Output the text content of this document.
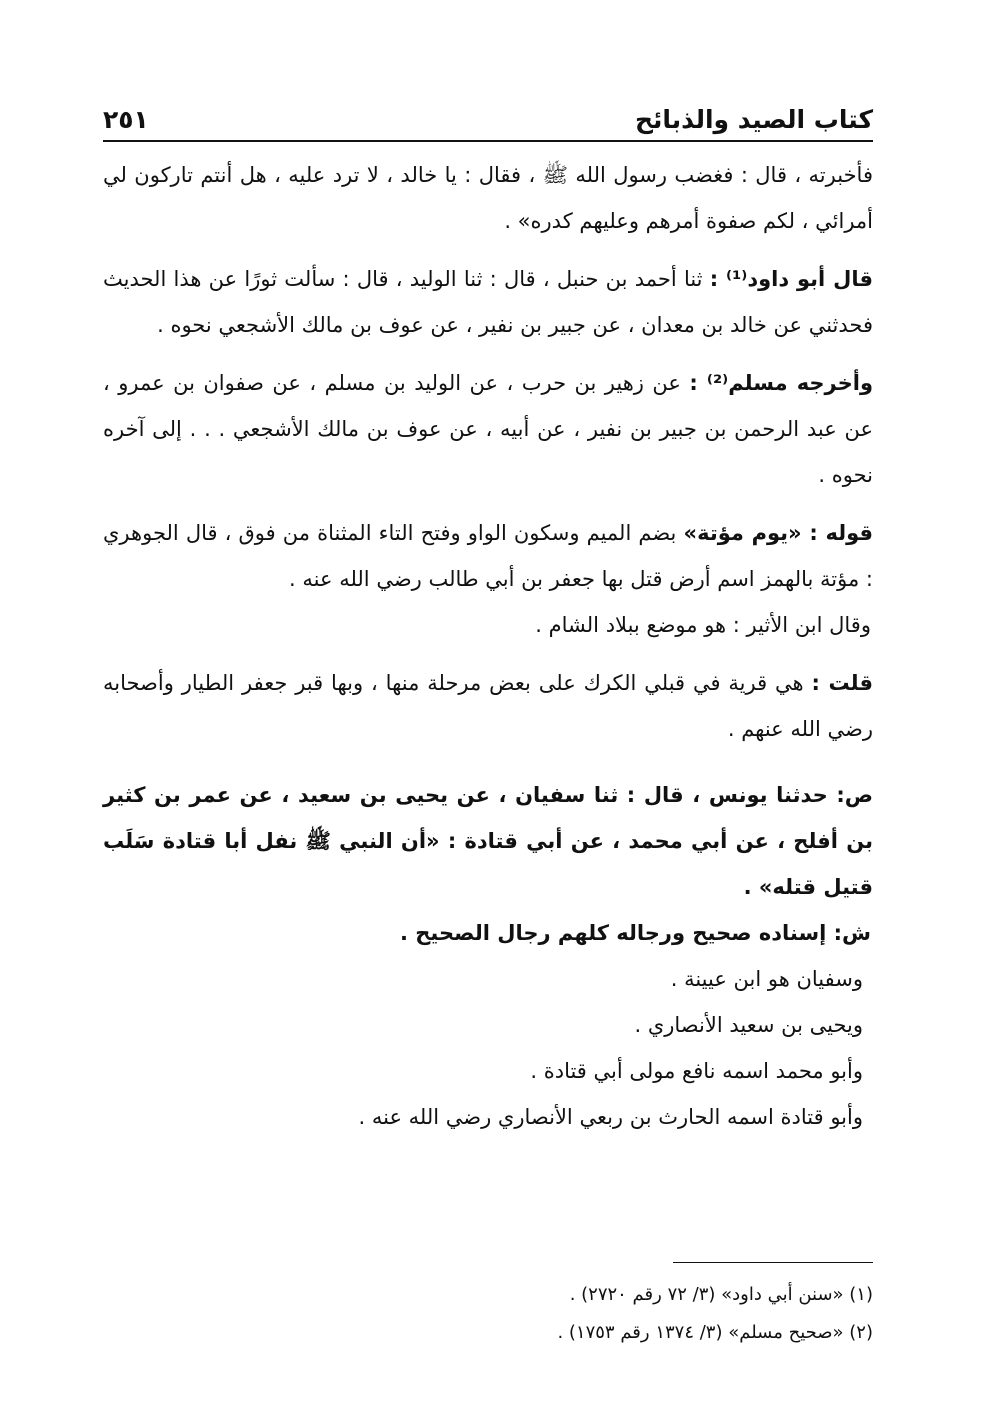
كتاب الصيد والذبائح
٢٥١

فأخبرته ، قال : فغضب رسول الله ﷺ ، فقال : يا خالد ، لا ترد عليه ، هل أنتم تاركون لي أمرائي ، لكم صفوة أمرهم وعليهم كدره» .

قال أبو داود⁽¹⁾ : ثنا أحمد بن حنبل ، قال : ثنا الوليد ، قال : سألت ثورًا عن هذا الحديث فحدثني عن خالد بن معدان ، عن جبير بن نفير ، عن عوف بن مالك الأشجعي نحوه .

وأخرجه مسلم⁽²⁾ : عن زهير بن حرب ، عن الوليد بن مسلم ، عن صفوان بن عمرو ، عن عبد الرحمن بن جبير بن نفير ، عن أبيه ، عن عوف بن مالك الأشجعي . . . إلى آخره نحوه .

قوله : «يوم مؤتة» بضم الميم وسكون الواو وفتح التاء المثناة من فوق ، قال الجوهري : مؤتة بالهمز اسم أرض قتل بها جعفر بن أبي طالب رضي الله عنه .

وقال ابن الأثير : هو موضع ببلاد الشام .

قلت : هي قرية في قبلي الكرك على بعض مرحلة منها ، وبها قبر جعفر الطيار وأصحابه رضي الله عنهم .

ص: حدثنا يونس ، قال : ثنا سفيان ، عن يحيى بن سعيد ، عن عمر بن كثير بن أفلح ، عن أبي محمد ، عن أبي قتادة : «أن النبي ﷺ نفل أبا قتادة سَلَب قتيل قتله» .

ش: إسناده صحيح ورجاله كلهم رجال الصحيح .

وسفيان هو ابن عيينة .

ويحيى بن سعيد الأنصاري .

وأبو محمد اسمه نافع مولى أبي قتادة .

وأبو قتادة اسمه الحارث بن ربعي الأنصاري رضي الله عنه .

(١) «سنن أبي داود» (٣/ ٧٢ رقم ٢٧٢٠) .

(٢) «صحيح مسلم» (٣/ ١٣٧٤ رقم ١٧٥٣) .
